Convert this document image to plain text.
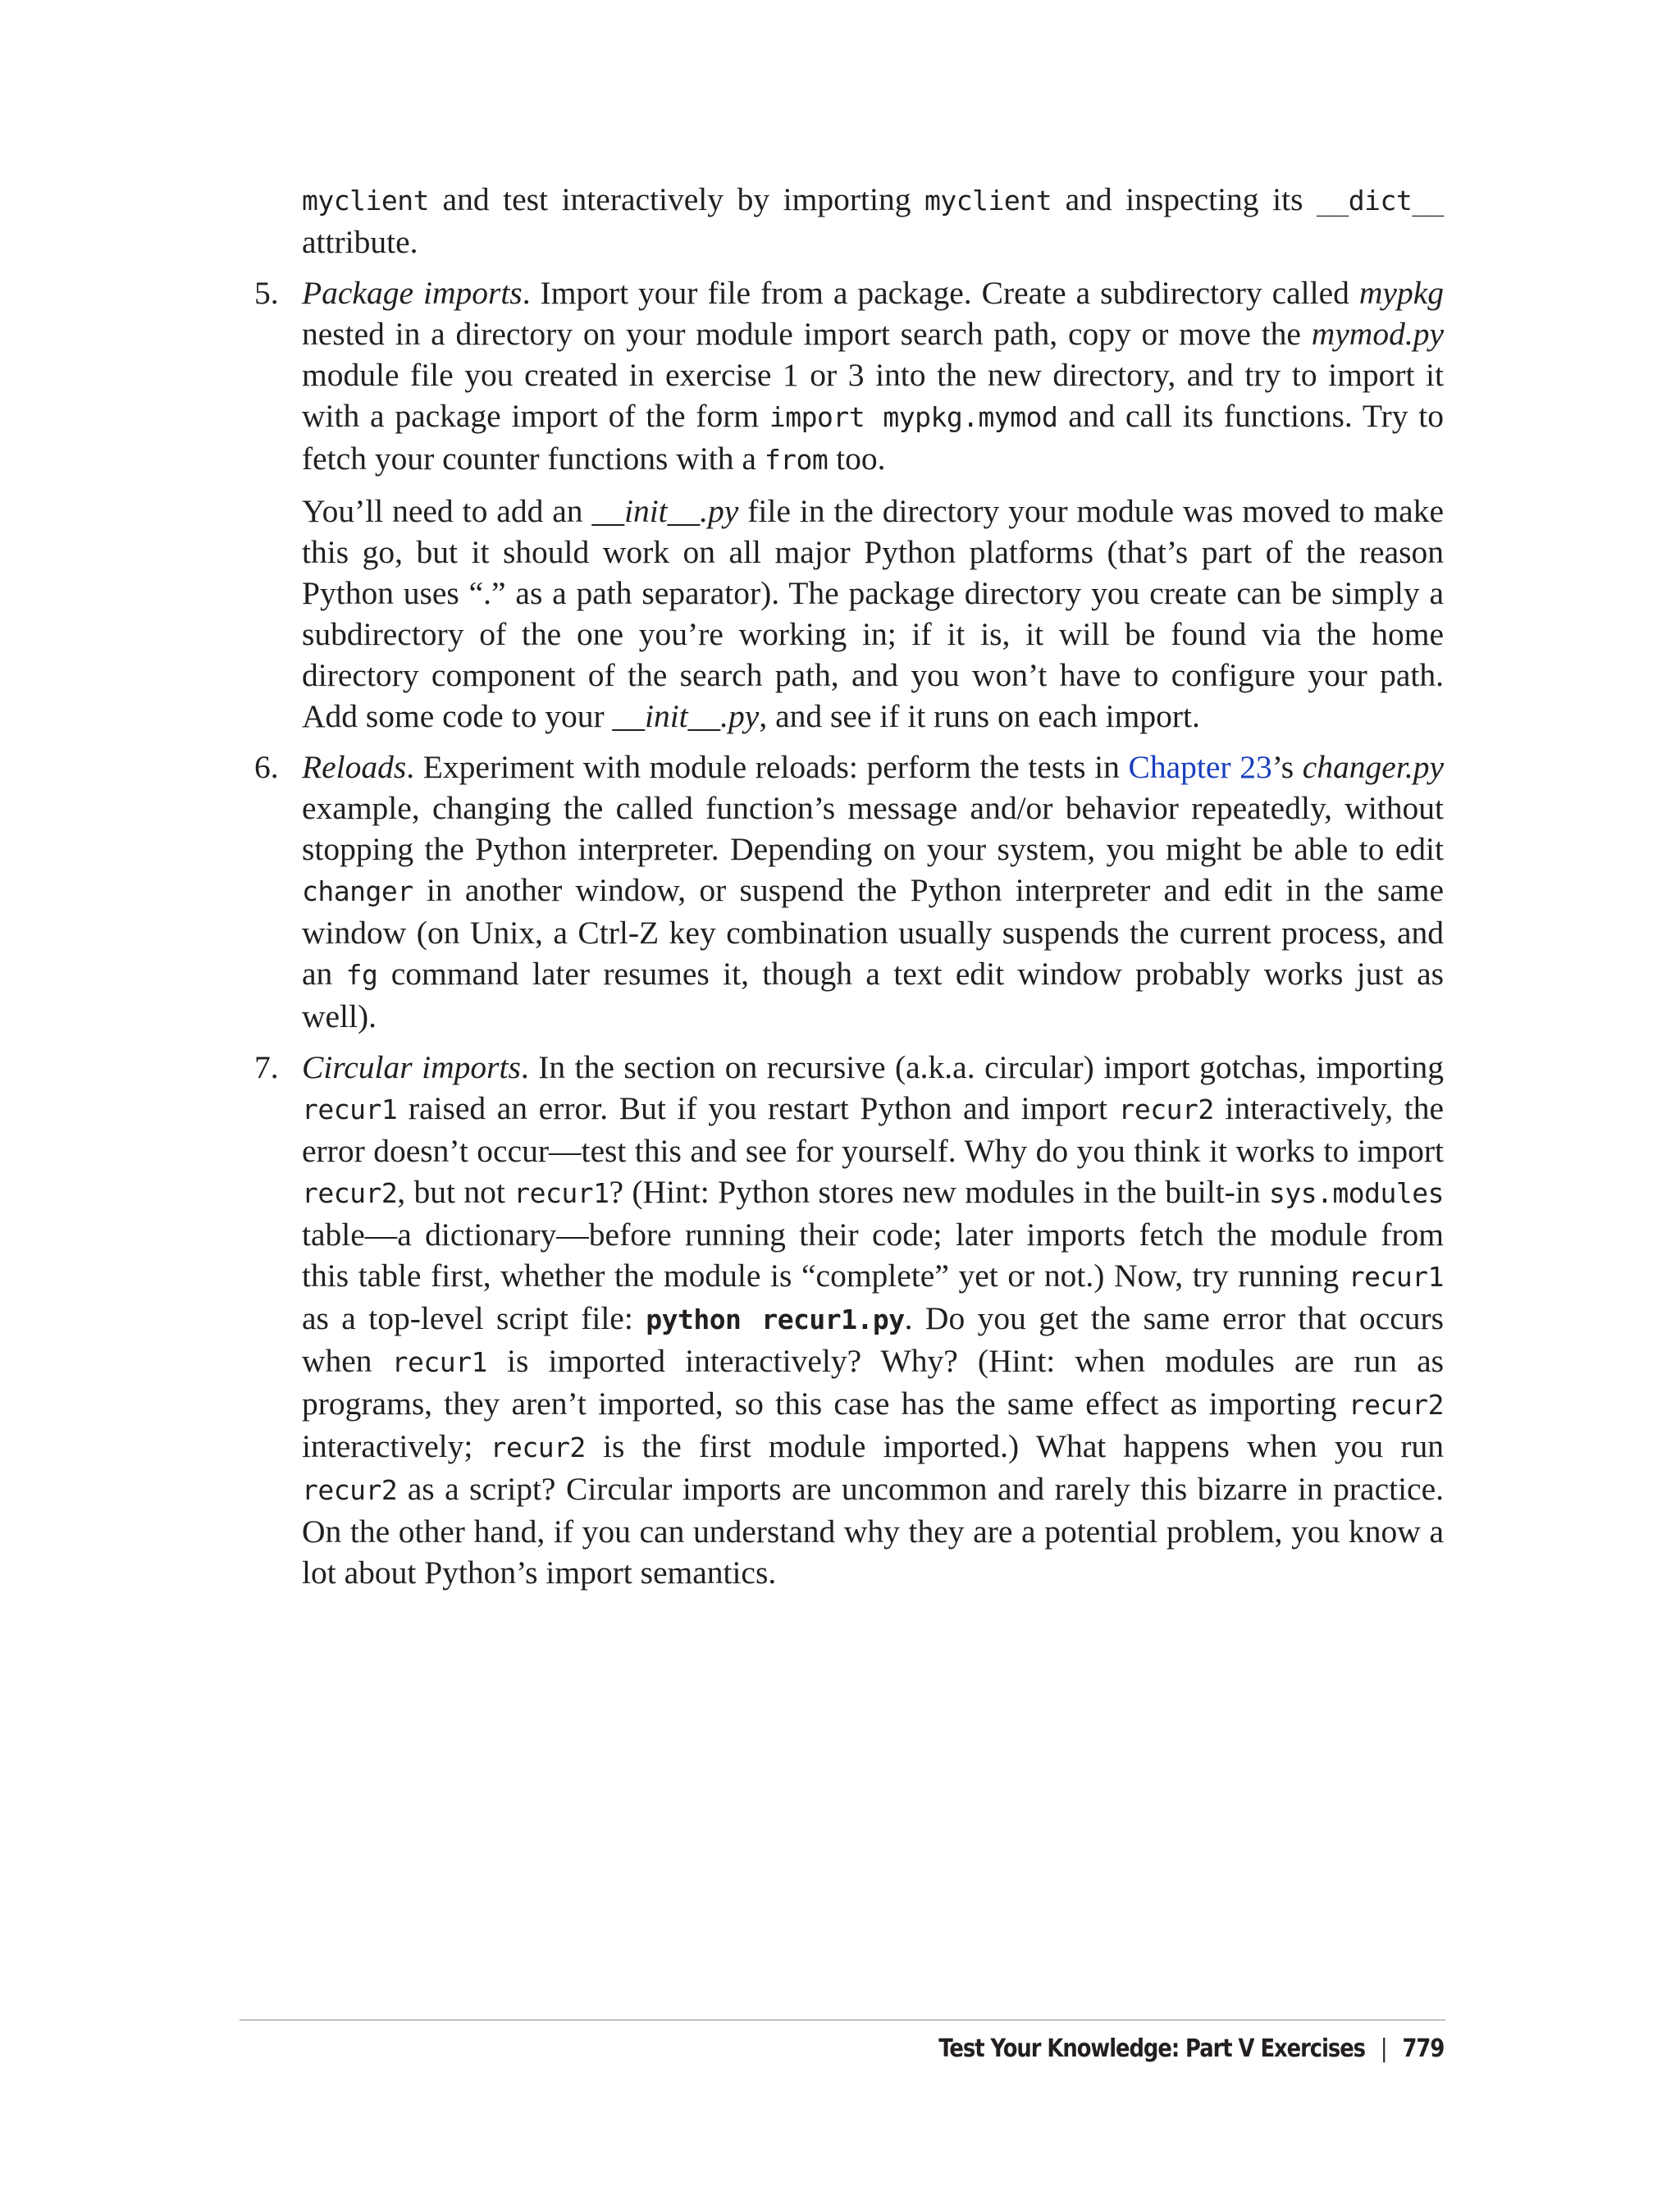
myclient and test interactively by importing myclient and inspecting its __dict__ attribute.

5. Package imports. Import your file from a package. Create a subdirectory called mypkg nested in a directory on your module import search path, copy or move the mymod.py module file you created in exercise 1 or 3 into the new directory, and try to import it with a package import of the form import mypkg.mymod and call its functions. Try to fetch your counter functions with a from too.

You’ll need to add an __init__.py file in the directory your module was moved to make this go, but it should work on all major Python platforms (that’s part of the reason Python uses “.” as a path separator). The package directory you create can be simply a subdirectory of the one you’re working in; if it is, it will be found via the home directory component of the search path, and you won’t have to configure your path. Add some code to your __init__.py, and see if it runs on each import.

6. Reloads. Experiment with module reloads: perform the tests in Chapter 23’s changer.py example, changing the called function’s message and/or behavior repeatedly, without stopping the Python interpreter. Depending on your system, you might be able to edit changer in another window, or suspend the Python interpreter and edit in the same window (on Unix, a Ctrl-Z key combination usually suspends the current process, and an fg command later resumes it, though a text edit window probably works just as well).

7. Circular imports. In the section on recursive (a.k.a. circular) import gotchas, importing recur1 raised an error. But if you restart Python and import recur2 interactively, the error doesn’t occur—test this and see for yourself. Why do you think it works to import recur2, but not recur1? (Hint: Python stores new modules in the built-in sys.modules table—a dictionary—before running their code; later imports fetch the module from this table first, whether the module is “complete” yet or not.) Now, try running recur1 as a top-level script file: python recur1.py. Do you get the same error that occurs when recur1 is imported interactively? Why? (Hint: when modules are run as programs, they aren’t imported, so this case has the same effect as importing recur2 interactively; recur2 is the first module imported.) What happens when you run recur2 as a script? Circular imports are uncommon and rarely this bizarre in practice. On the other hand, if you can understand why they are a potential problem, you know a lot about Python’s import semantics.

Test Your Knowledge: Part V Exercises | 779
